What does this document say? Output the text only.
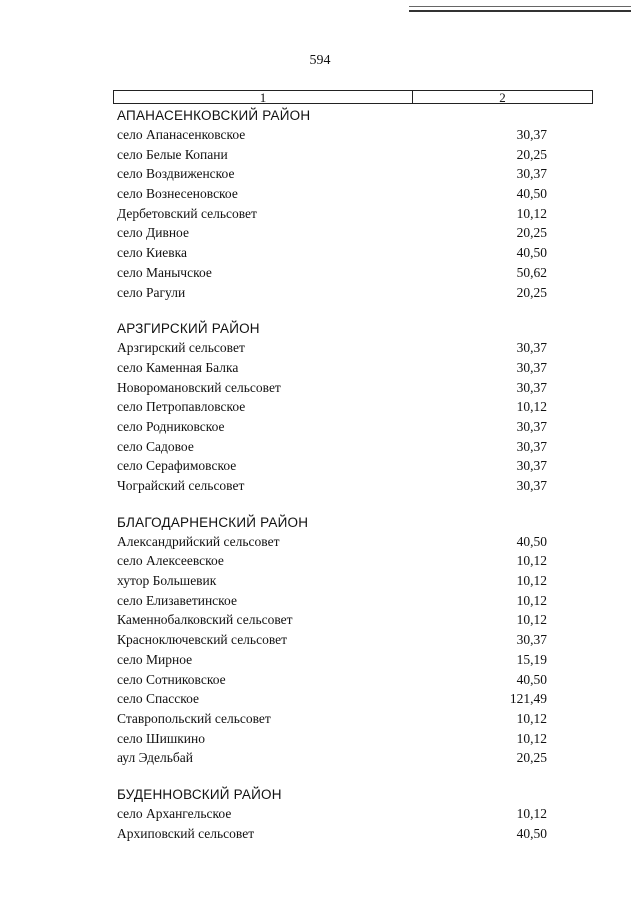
594
1	2
АПАНАСЕНКОВСКИЙ РАЙОН
село Апанасенковское	30,37
село Белые Копани	20,25
село Воздвиженское	30,37
село Вознесеновское	40,50
Дербетовский сельсовет	10,12
село Дивное	20,25
село Киевка	40,50
село Манычское	50,62
село Рагули	20,25
АРЗГИРСКИЙ РАЙОН
Арзгирский сельсовет	30,37
село Каменная Балка	30,37
Новоромановский сельсовет	30,37
село Петропавловское	10,12
село Родниковское	30,37
село Садовое	30,37
село Серафимовское	30,37
Чограйский сельсовет	30,37
БЛАГОДАРНЕНСКИЙ РАЙОН
Александрийский сельсовет	40,50
село Алексеевское	10,12
хутор Большевик	10,12
село Елизаветинское	10,12
Каменнобалковский сельсовет	10,12
Красноключевский сельсовет	30,37
село Мирное	15,19
село Сотниковское	40,50
село Спасское	121,49
Ставропольский сельсовет	10,12
село Шишкино	10,12
аул Эдельбай	20,25
БУДЕННОВСКИЙ РАЙОН
село Архангельское	10,12
Архиповский сельсовет	40,50
